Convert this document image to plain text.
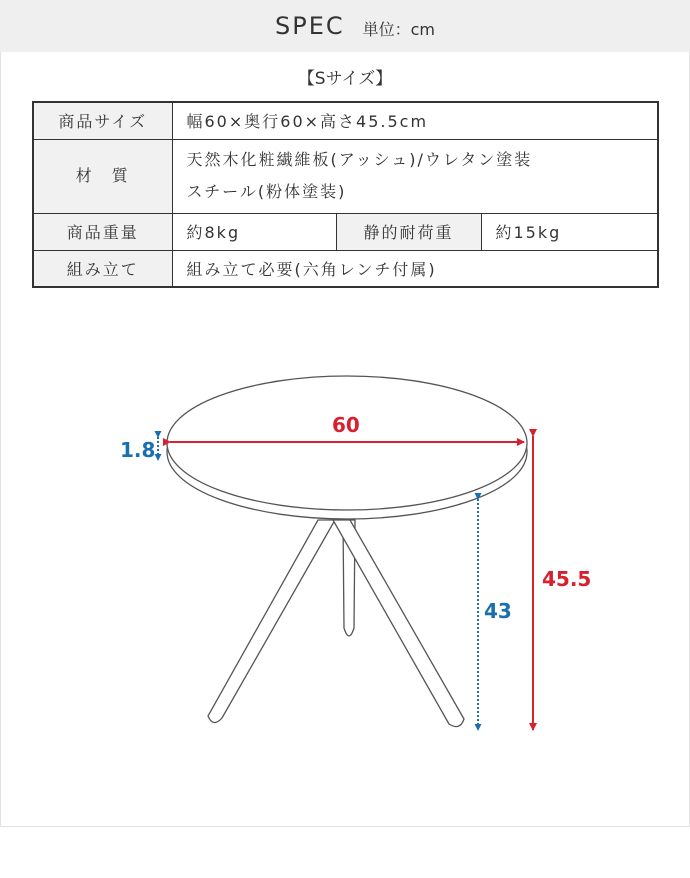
SPEC 単位：cm
【Sサイズ】
商品サイズ	幅60×奥行60×高さ45.5cm		
材　質	天然木化粧繊維板(アッシュ)/ウレタン塗装
スチール(粉体塗装)		

商品重量	約8kg	静的耐荷重	約15kg
組み立て	組み立て必要(六角レンチ付属)		
60
1.8
43
45.5
